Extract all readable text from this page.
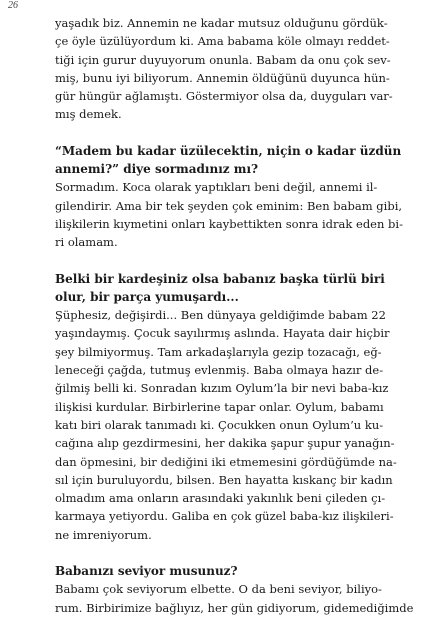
26

yaşadık biz. Annemin ne kadar mutsuz olduğunu gördük-
çe öyle üzülüyordum ki. Ama babama köle olmayı reddet-
tiği için gurur duyuyorum onunla. Babam da onu çok sev-
miş, bunu iyi biliyorum. Annemin öldüğünü duyunca hün-
gür hüngür ağlamıştı. Göstermiyor olsa da, duyguları var-
mış demek.

“Madem bu kadar üzülecektin, niçin o kadar üzdün
annemi?” diye sormadınız mı?

Sormadım. Koca olarak yaptıkları beni değil, annemi il-
gilendirir. Ama bir tek şeyden çok eminim: Ben babam gibi,
ilişkilerin kıymetini onları kaybettikten sonra idrak eden bi-
ri olamam.

Belki bir kardeşiniz olsa babanız başka türlü biri
olur, bir parça yumuşardı...

Şüphesiz, değişirdi... Ben dünyaya geldiğimde babam 22
yaşındaymış. Çocuk sayılırmış aslında. Hayata dair hiçbir
şey bilmiyormuş. Tam arkadaşlarıyla gezip tozacağı, eğ-
leneceği çağda, tutmuş evlenmiş. Baba olmaya hazır de-
ğilmiş belli ki. Sonradan kızım Oylum’la bir nevi baba-kız
ilişkisi kurdular. Birbirlerine tapar onlar. Oylum, babamı
katı biri olarak tanımadı ki. Çocukken onun Oylum’u ku-
cağına alıp gezdirmesini, her dakika şapur şupur yanağın-
dan öpmesini, bir dediğini iki etmemesini gördüğümde na-
sıl için buruluyordu, bilsen. Ben hayatta kıskanç bir kadın
olmadım ama onların arasındaki yakınlık beni çileden çı-
karmaya yetiyordu. Galiba en çok güzel baba-kız ilişkileri-
ne imreniyorum.

Babanızı seviyor musunuz?

Babamı çok seviyorum elbette. O da beni seviyor, biliyo-
rum. Birbirimize bağlıyız, her gün gidiyorum, gidemediğimde
